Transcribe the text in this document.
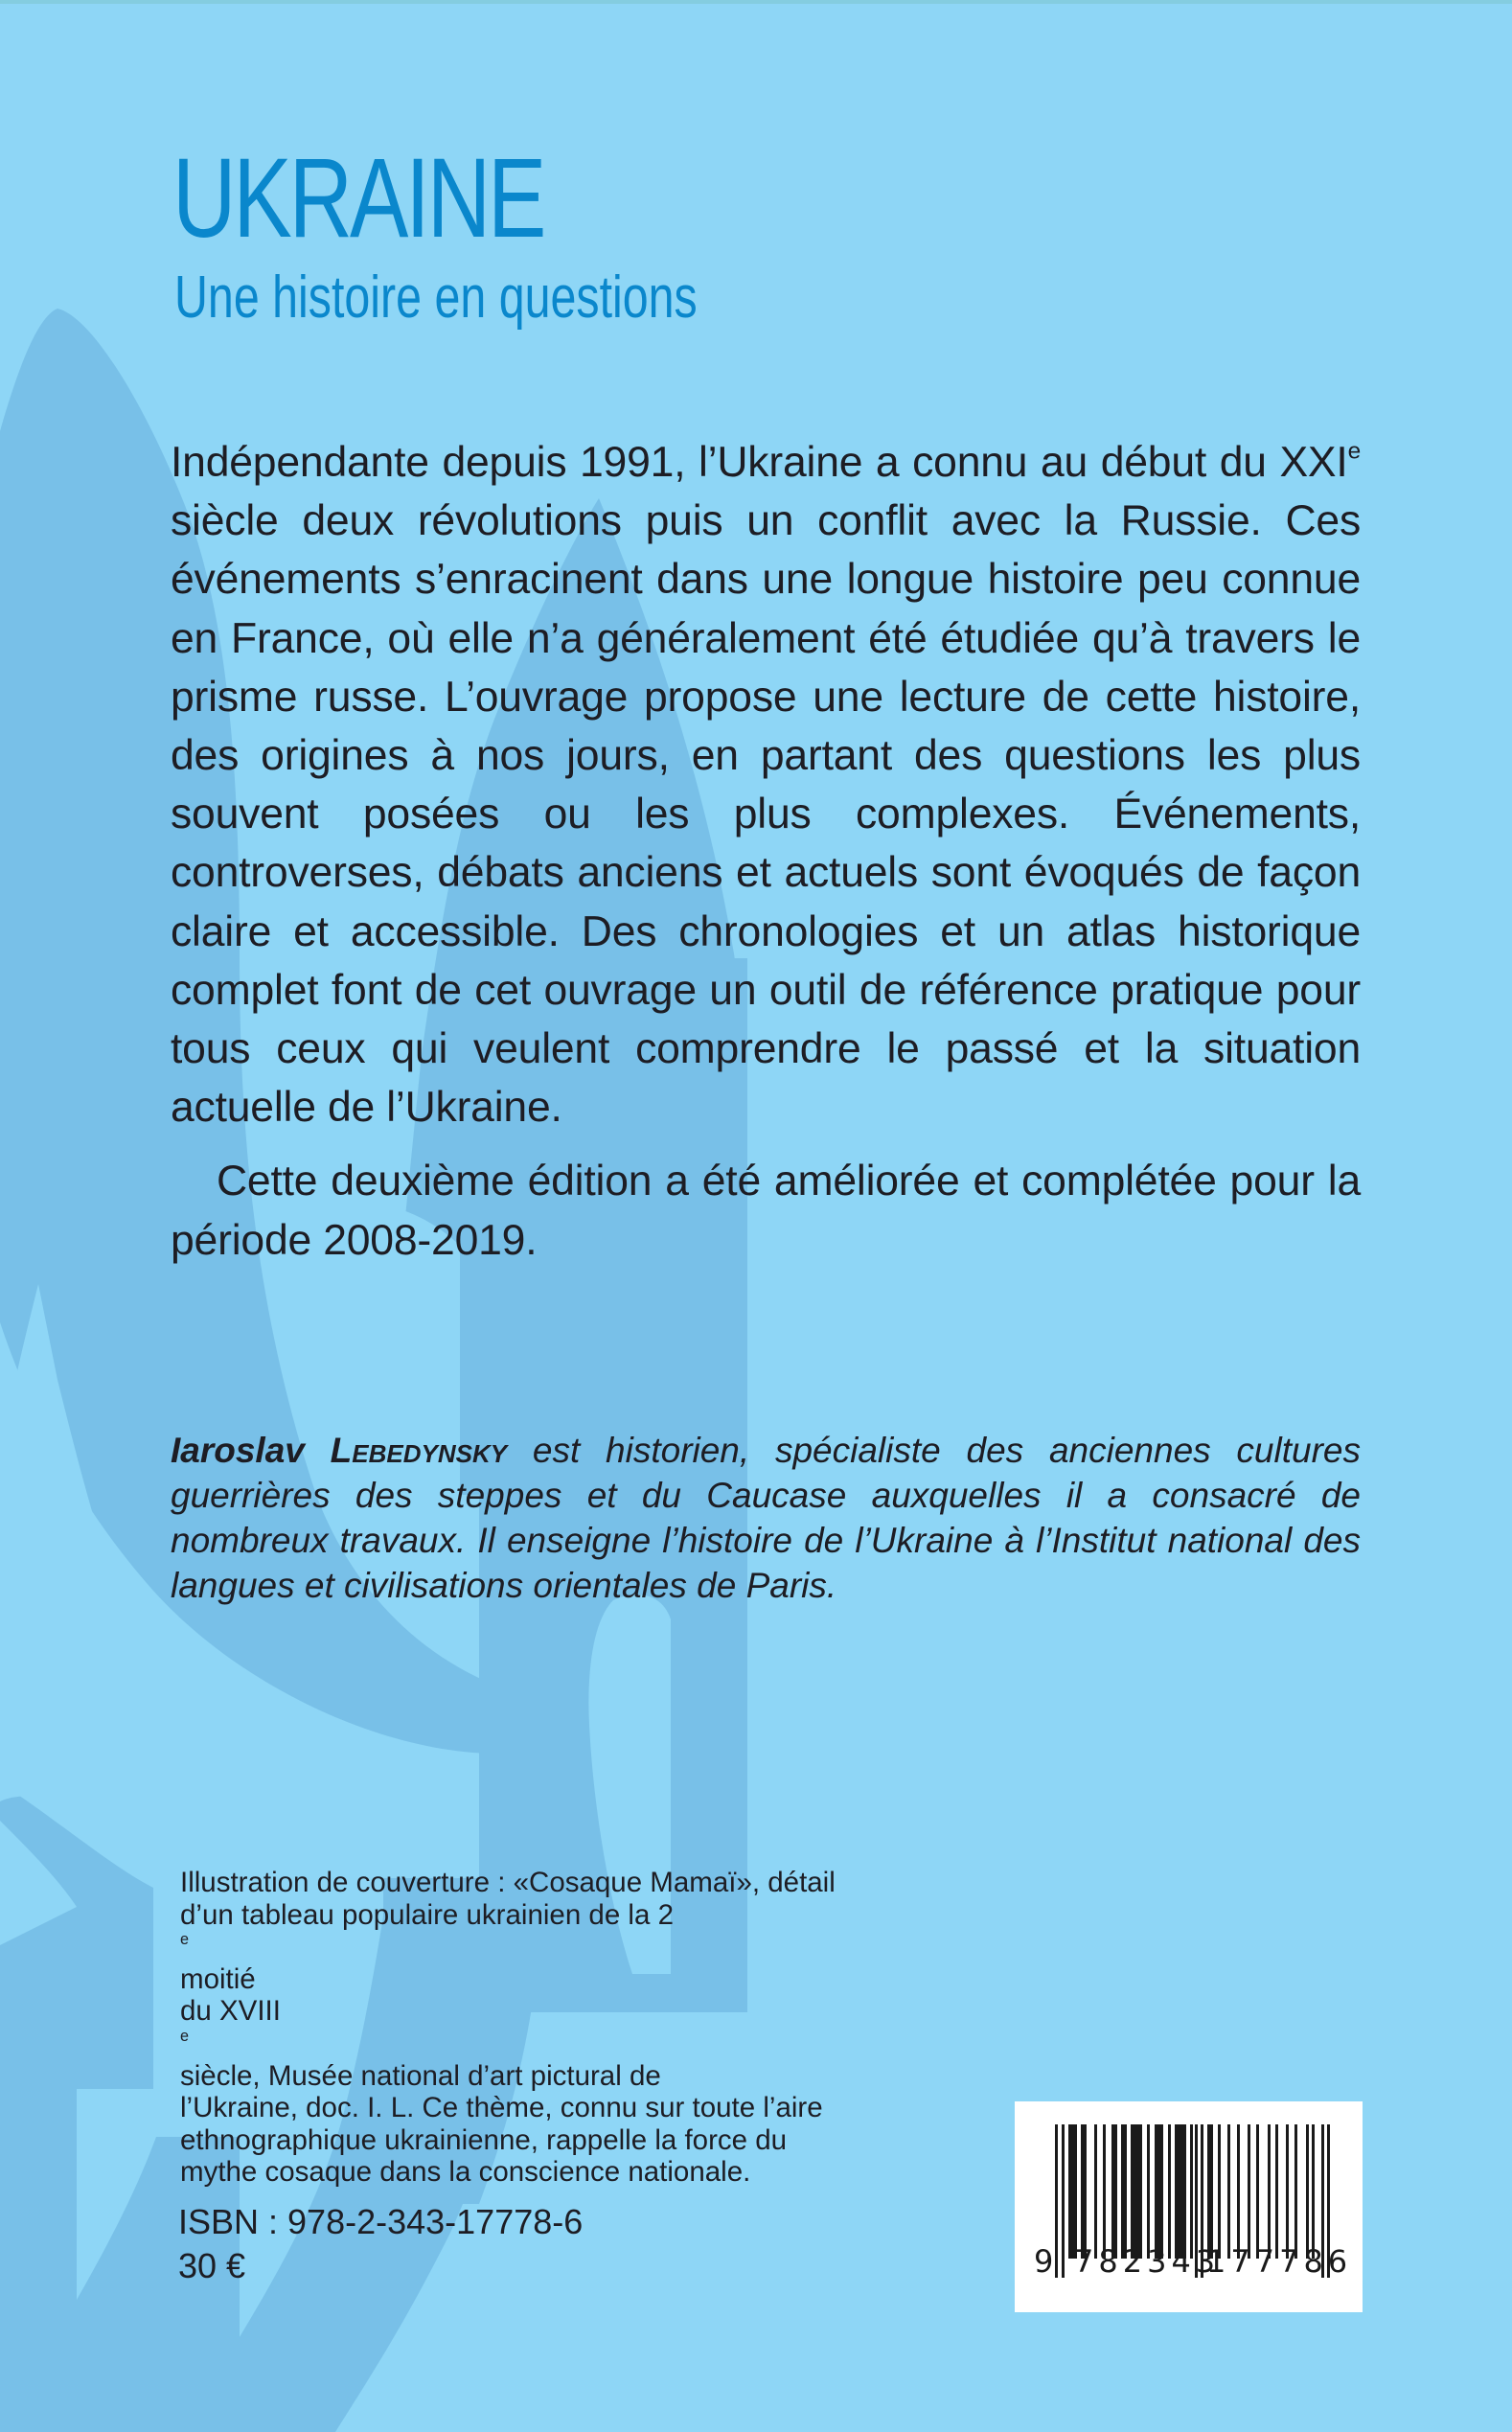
UKRAINE
Une histoire en questions

Indépendante depuis 1991, l’Ukraine a connu au début du XXIe siècle deux révolutions puis un conflit avec la Russie. Ces événements s’enracinent dans une longue histoire peu connue en France, où elle n’a généralement été étudiée qu’à travers le prisme russe. L’ouvrage propose une lecture de cette histoire, des origines à nos jours, en partant des questions les plus souvent posées ou les plus complexes. Événements, controverses, débats anciens et actuels sont évoqués de façon claire et accessible. Des chronologies et un atlas historique complet font de cet ouvrage un outil de référence pratique pour tous ceux qui veulent comprendre le passé et la situation actuelle de l’Ukraine.

Cette deuxième édition a été améliorée et complétée pour la période 2008-2019.

Iaroslav Lebedynsky est historien, spécialiste des anciennes cultures guerrières des steppes et du Caucase auxquelles il a consacré de nombreux travaux. Il enseigne l’histoire de l’Ukraine à l’Institut national des langues et civilisations orientales de Paris.

Illustration de couverture : «Cosaque Mamaï», détail
d’un tableau populaire ukrainien de la 2
$^e$
moitié
du XVIII
$^e$
siècle, Musée national d’art pictural de
l’Ukraine, doc. I. L. Ce thème, connu sur toute l’aire
ethnographique ukrainienne, rappelle la force du
mythe cosaque dans la conscience nationale.
ISBN : 978-2-343-17778-6
30 €	9 782343
177786
